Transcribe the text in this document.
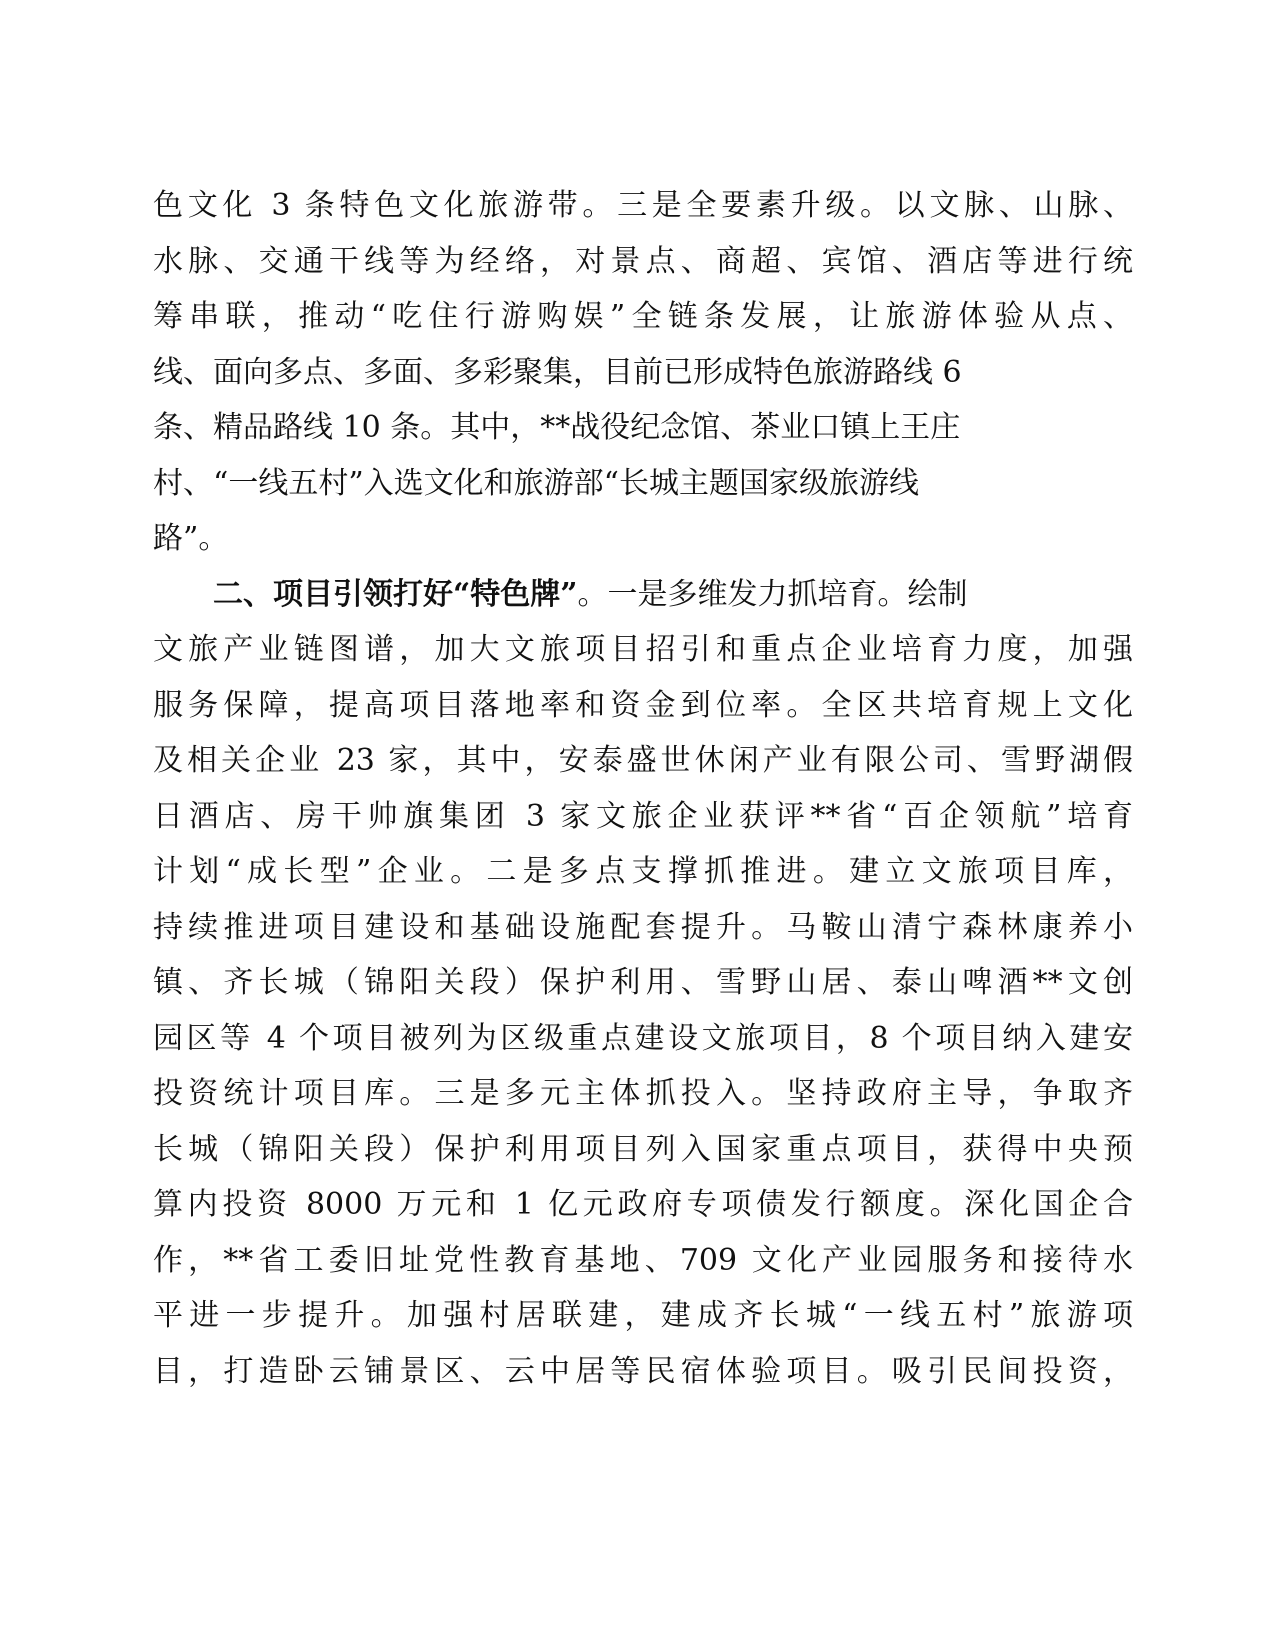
色文化 3 条特色文化旅游带。三是全要素升级。以文脉、山脉、
水脉、交通干线等为经络，对景点、商超、宾馆、酒店等进行统
筹串联，推动“吃住行游购娱”全链条发展，让旅游体验从点、
线、面向多点、多面、多彩聚集，目前已形成特色旅游路线 6
条、精品路线 10 条。其中，**战役纪念馆、茶业口镇上王庄
村、“一线五村”入选文化和旅游部“长城主题国家级旅游线
路”。
二、项目引领打好“特色牌”。一是多维发力抓培育。绘制
文旅产业链图谱，加大文旅项目招引和重点企业培育力度，加强
服务保障，提高项目落地率和资金到位率。全区共培育规上文化
及相关企业 23 家，其中，安泰盛世休闲产业有限公司、雪野湖假
日酒店、房干帅旗集团 3 家文旅企业获评**省“百企领航”培育
计划“成长型”企业。二是多点支撑抓推进。建立文旅项目库，
持续推进项目建设和基础设施配套提升。马鞍山清宁森林康养小
镇、齐长城（锦阳关段）保护利用、雪野山居、泰山啤酒**文创
园区等 4 个项目被列为区级重点建设文旅项目，8 个项目纳入建安
投资统计项目库。三是多元主体抓投入。坚持政府主导，争取齐
长城（锦阳关段）保护利用项目列入国家重点项目，获得中央预
算内投资 8000 万元和 1 亿元政府专项债发行额度。深化国企合
作，**省工委旧址党性教育基地、709 文化产业园服务和接待水
平进一步提升。加强村居联建，建成齐长城“一线五村”旅游项
目，打造卧云铺景区、云中居等民宿体验项目。吸引民间投资，
